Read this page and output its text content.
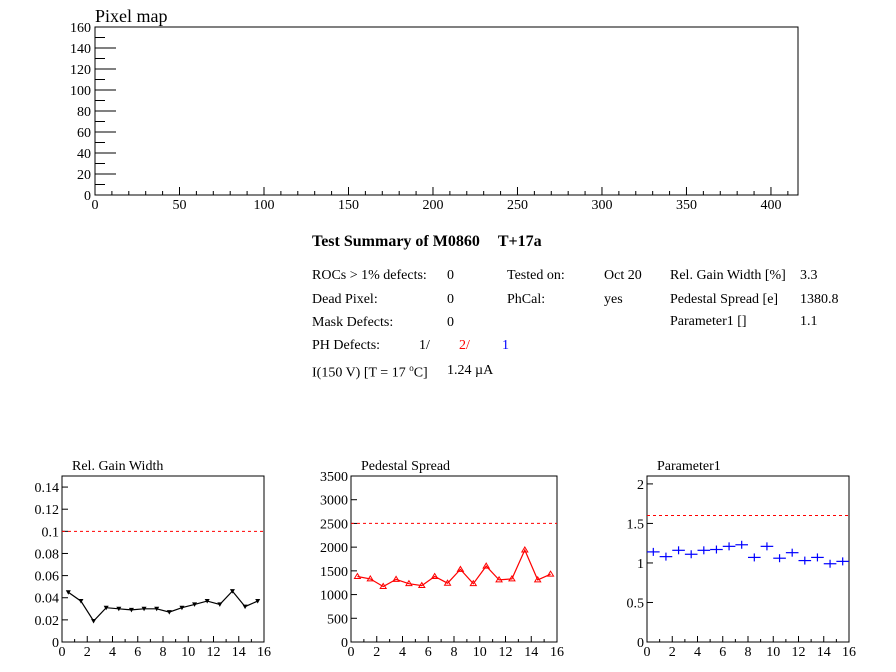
Pixel map
0	50	100	150	200	250	300	350	400
0
20
40
60
80
100
120
140
160
Rel. Gain Width
0 2 4 6 8 10 12 14 16
0
0.02
0.04
0.06
0.08
0.1
0.12
0.14
Pedestal Spread
0 2 4 6 8 10 12 14 16
0
500
1000
1500
2000
2500
3000
3500
Parameter1
0 2 4 6 8 10 12 14 16
0
0.5
1
1.5
2
Test Summary of M0860 T+17a
ROCs > 1% defects: 0
Dead Pixel:	0
Mask Defects:	0
PH Defects:	1/ 2/ 1
I(150 V) [T = 17 $^o$C] 1.24 µA
Tested on:	Oct 20
PhCal:	yes
Rel. Gain Width [%] 3.3
Pedestal Spread [e] 1380.8
Parameter1 []	1.1
